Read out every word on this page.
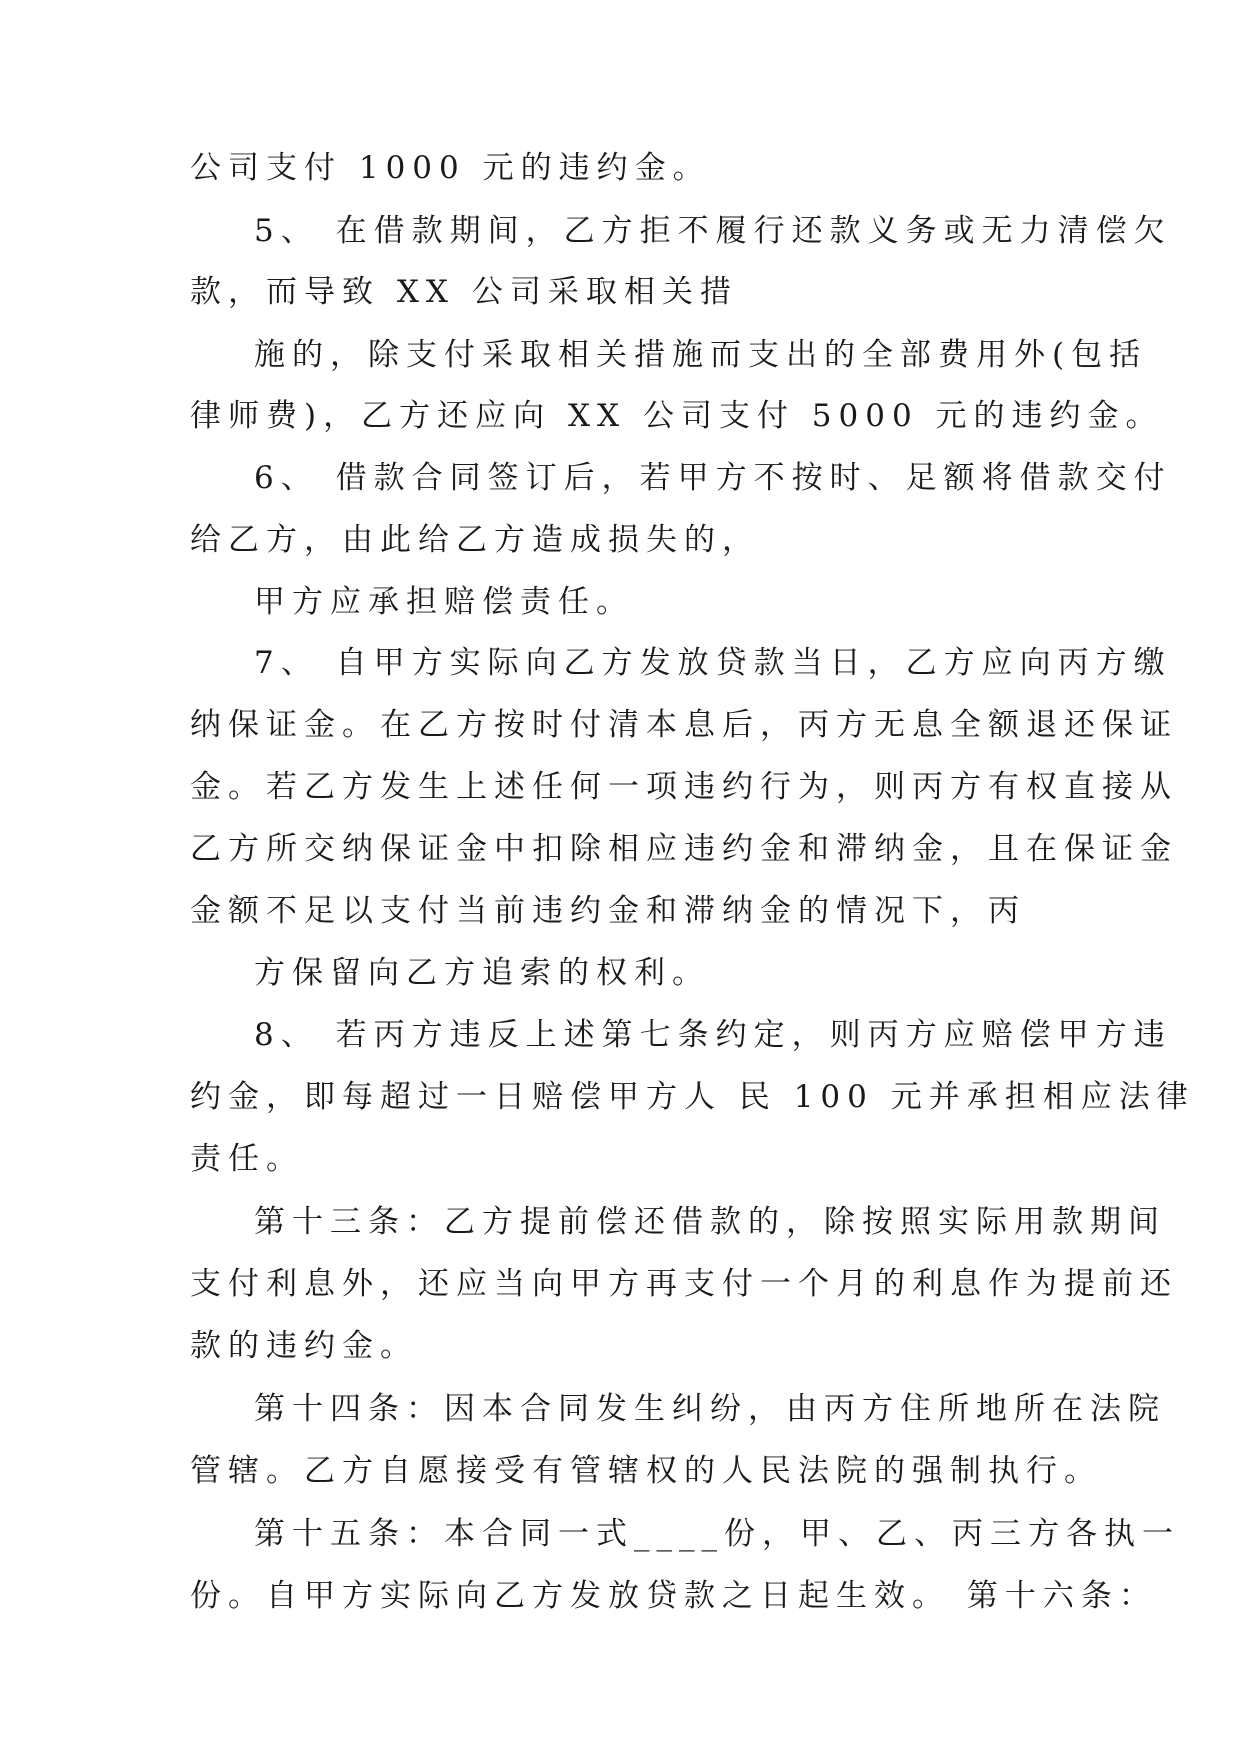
公司支付 1000 元的违约金。

5、 在借款期间，乙方拒不履行还款义务或无力清偿欠

款，而导致 XX 公司采取相关措

施的，除支付采取相关措施而支出的全部费用外(包括

律师费)，乙方还应向 XX 公司支付 5000 元的违约金。

6、 借款合同签订后，若甲方不按时、足额将借款交付

给乙方，由此给乙方造成损失的，

甲方应承担赔偿责任。

7、 自甲方实际向乙方发放贷款当日，乙方应向丙方缴

纳保证金。在乙方按时付清本息后，丙方无息全额退还保证

金。若乙方发生上述任何一项违约行为，则丙方有权直接从

乙方所交纳保证金中扣除相应违约金和滞纳金，且在保证金

金额不足以支付当前违约金和滞纳金的情况下，丙

方保留向乙方追索的权利。

8、 若丙方违反上述第七条约定，则丙方应赔偿甲方违

约金，即每超过一日赔偿甲方人 民 100 元并承担相应法律

责任。

第十三条：乙方提前偿还借款的，除按照实际用款期间

支付利息外，还应当向甲方再支付一个月的利息作为提前还

款的违约金。

第十四条：因本合同发生纠纷，由丙方住所地所在法院

管辖。乙方自愿接受有管辖权的人民法院的强制执行。

第十五条：本合同一式____份，甲、乙、丙三方各执一

份。自甲方实际向乙方发放贷款之日起生效。 第十六条：
